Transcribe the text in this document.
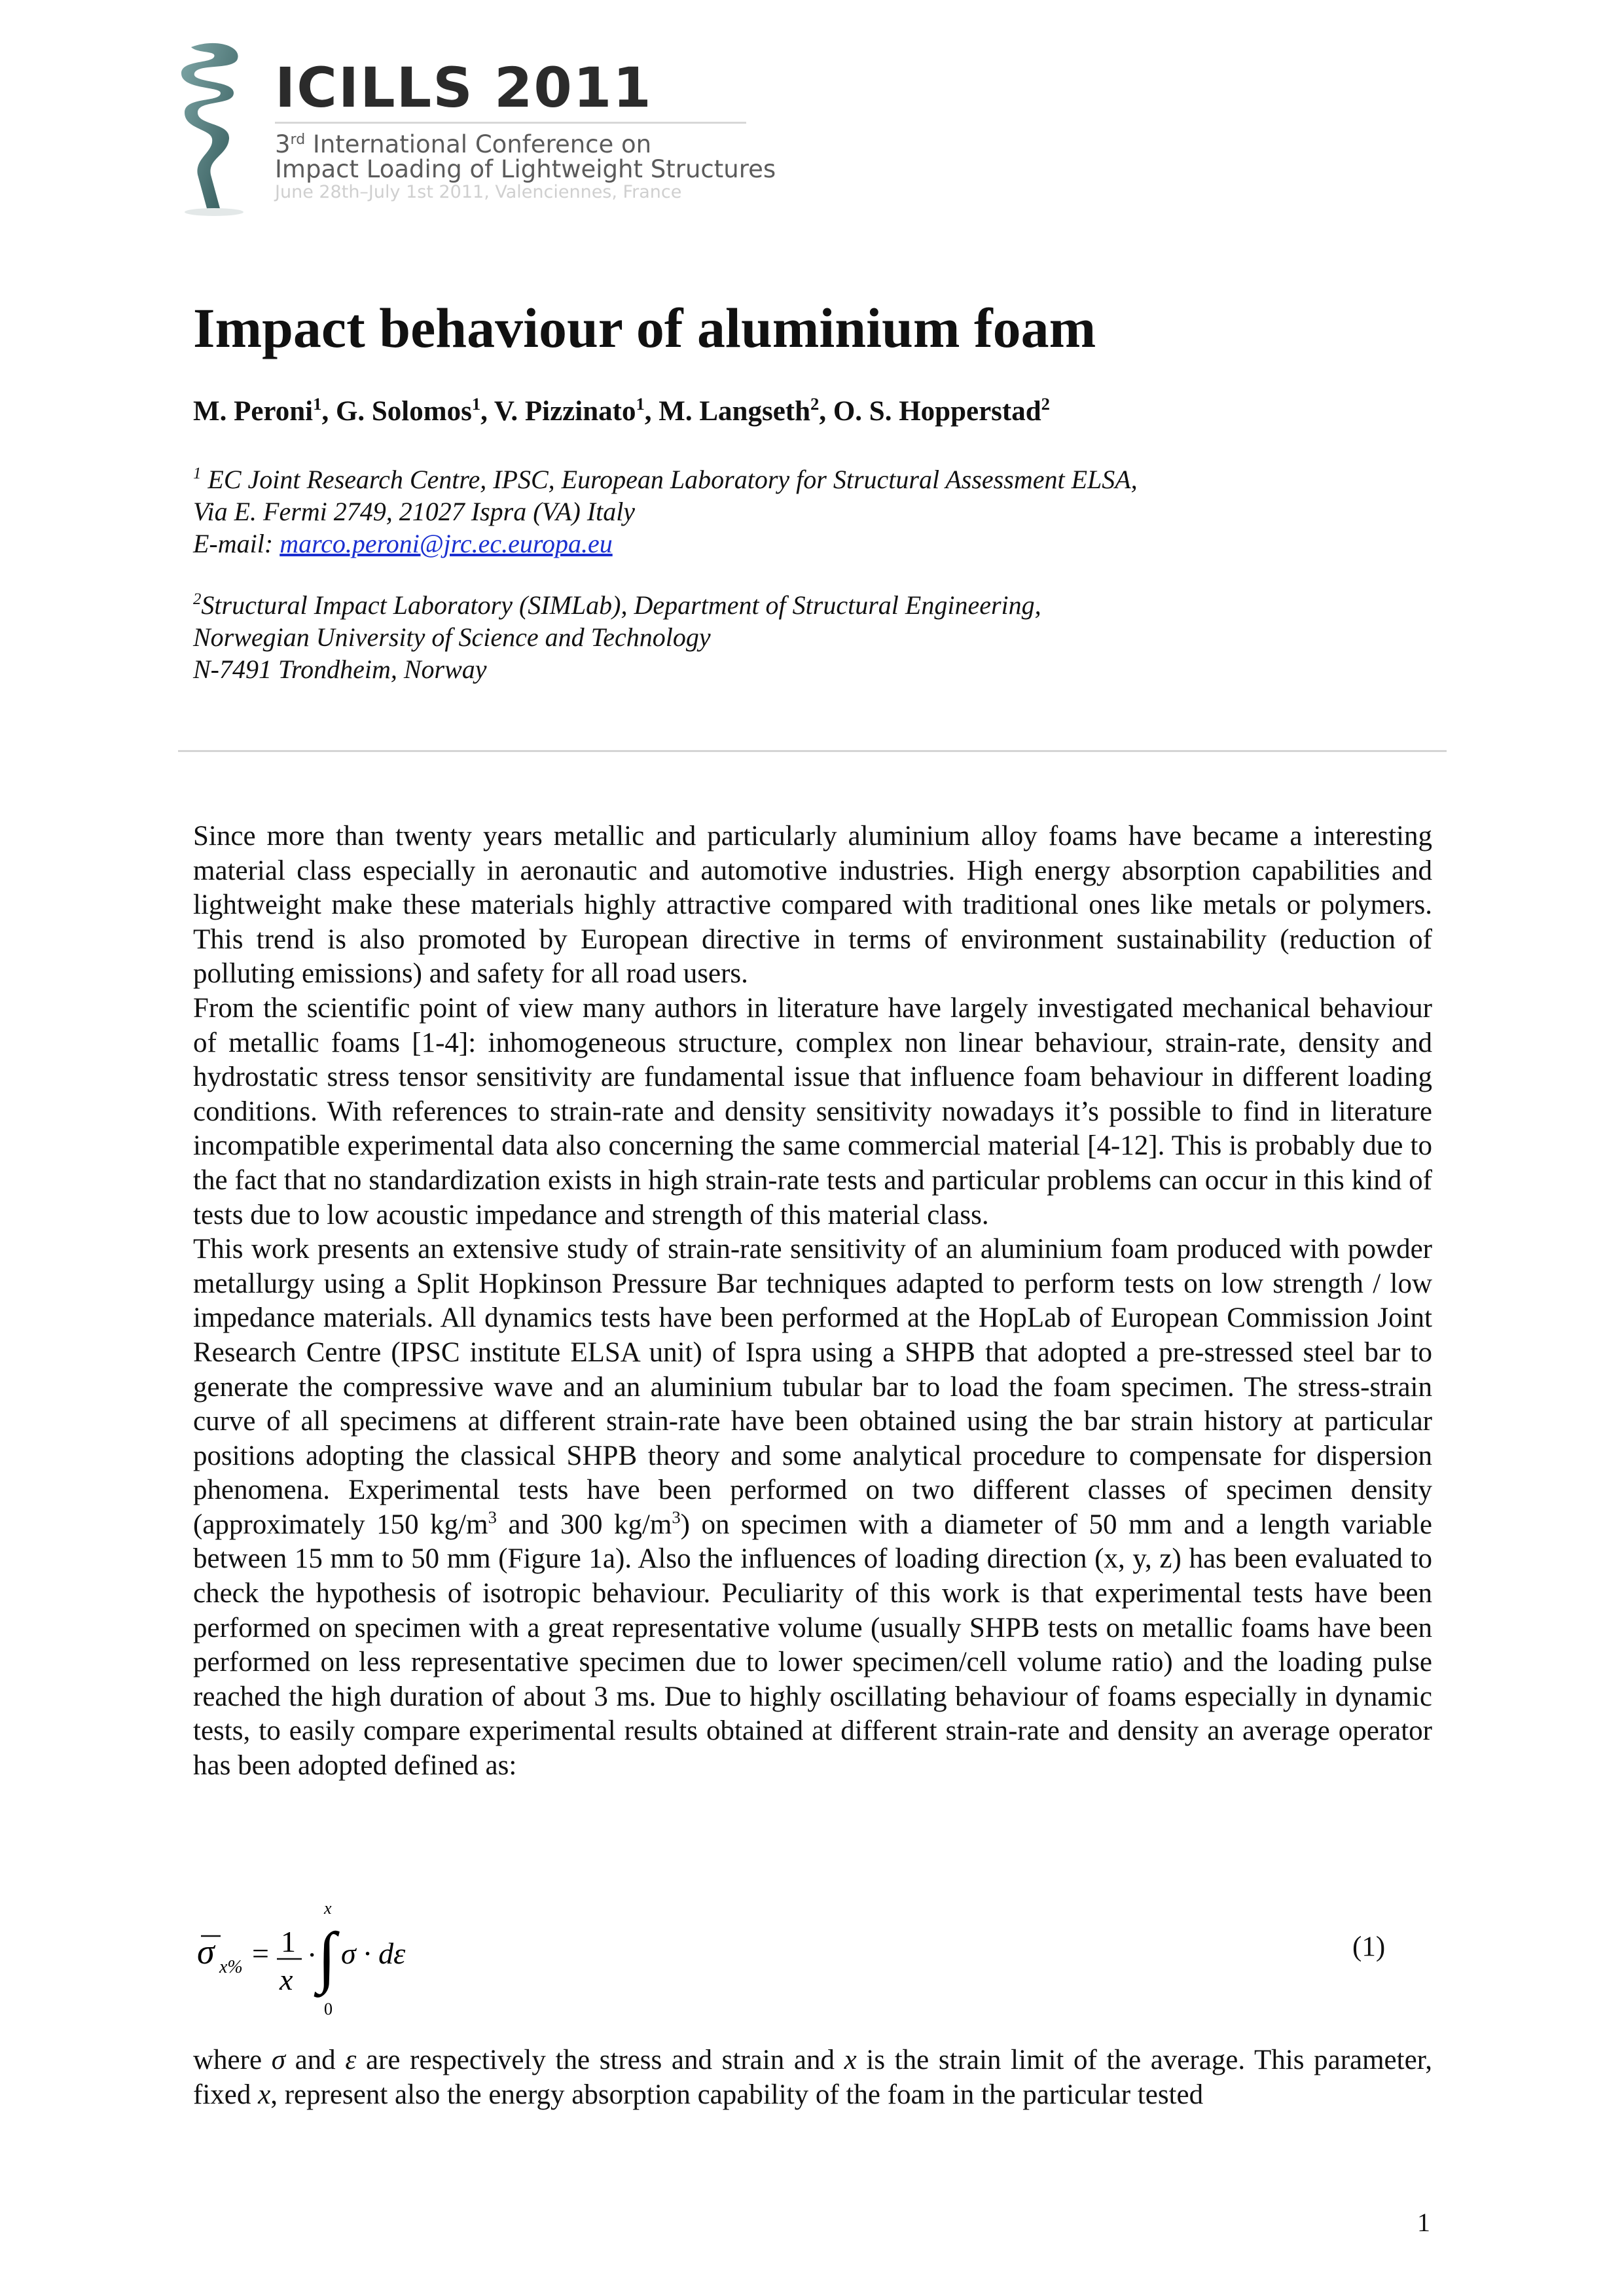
ICILLS 2011
3rd International Conference on
Impact Loading of Lightweight Structures
June 28th–July 1st 2011, Valenciennes, France
Impact behaviour of aluminium foam
M. Peroni$^1$, G. Solomos$^1$, V. Pizzinato$^1$, M. Langseth$^2$, O. S. Hopperstad$^2$
$^1$ EC Joint Research Centre, IPSC, European Laboratory for Structural Assessment ELSA,
Via E. Fermi 2749, 21027 Ispra (VA) Italy
E-mail: marco.peroni@jrc.ec.europa.eu
$^2$Structural Impact Laboratory (SIMLab), Department of Structural Engineering,
Norwegian University of Science and Technology
N-7491 Trondheim, Norway

Since more than twenty years metallic and particularly aluminium alloy foams have became a interesting material class especially in aeronautic and automotive industries. High energy absorption capabilities and lightweight make these materials highly attractive compared with traditional ones like metals or polymers. This trend is also promoted by European directive in terms of environment sustainability (reduction of polluting emissions) and safety for all road users.

From the scientific point of view many authors in literature have largely investigated mechanical behaviour of metallic foams [1-4]: inhomogeneous structure, complex non linear behaviour, strain-rate, density and hydrostatic stress tensor sensitivity are fundamental issue that influence foam behaviour in different loading conditions. With references to strain-rate and density sensitivity nowadays it’s possible to find in literature incompatible experimental data also concerning the same commercial material [4-12]. This is probably due to the fact that no standardization exists in high strain-rate tests and particular problems can occur in this kind of tests due to low acoustic impedance and strength of this material class.

This work presents an extensive study of strain-rate sensitivity of an aluminium foam produced with powder metallurgy using a Split Hopkinson Pressure Bar techniques adapted to perform tests on low strength / low impedance materials. All dynamics tests have been performed at the HopLab of European Commission Joint Research Centre (IPSC institute ELSA unit) of Ispra using a SHPB that adopted a pre-stressed steel bar to generate the compressive wave and an aluminium tubular bar to load the foam specimen. The stress-strain curve of all specimens at different strain-rate have been obtained using the bar strain history at particular positions adopting the classical SHPB theory and some analytical procedure to compensate for dispersion phenomena. Experimental tests have been performed on two different classes of specimen density (approximately 150 $kg/m^3$ and 300 $kg/m^3$) on specimen with a diameter of 50 mm and a length variable between 15 mm to 50 mm (Figure 1a). Also the influences of loading direction (x, y, z) has been evaluated to check the hypothesis of isotropic behaviour. Peculiarity of this work is that experimental tests have been performed on specimen with a great representative volume (usually SHPB tests on metallic foams have been performed on less representative specimen due to lower specimen/cell volume ratio) and the loading pulse reached the high duration of about 3 ms. Due to highly oscillating behaviour of foams especially in dynamic tests, to easily compare experimental results obtained at different strain-rate and density an average operator has been adopted defined as:

σ x% = 1
x
·
x
∫
0
σ · dε	(1)

where σ and ε are respectively the stress and strain and x is the strain limit of the average. This parameter, fixed x, represent also the energy absorption capability of the foam in the particular tested

1
